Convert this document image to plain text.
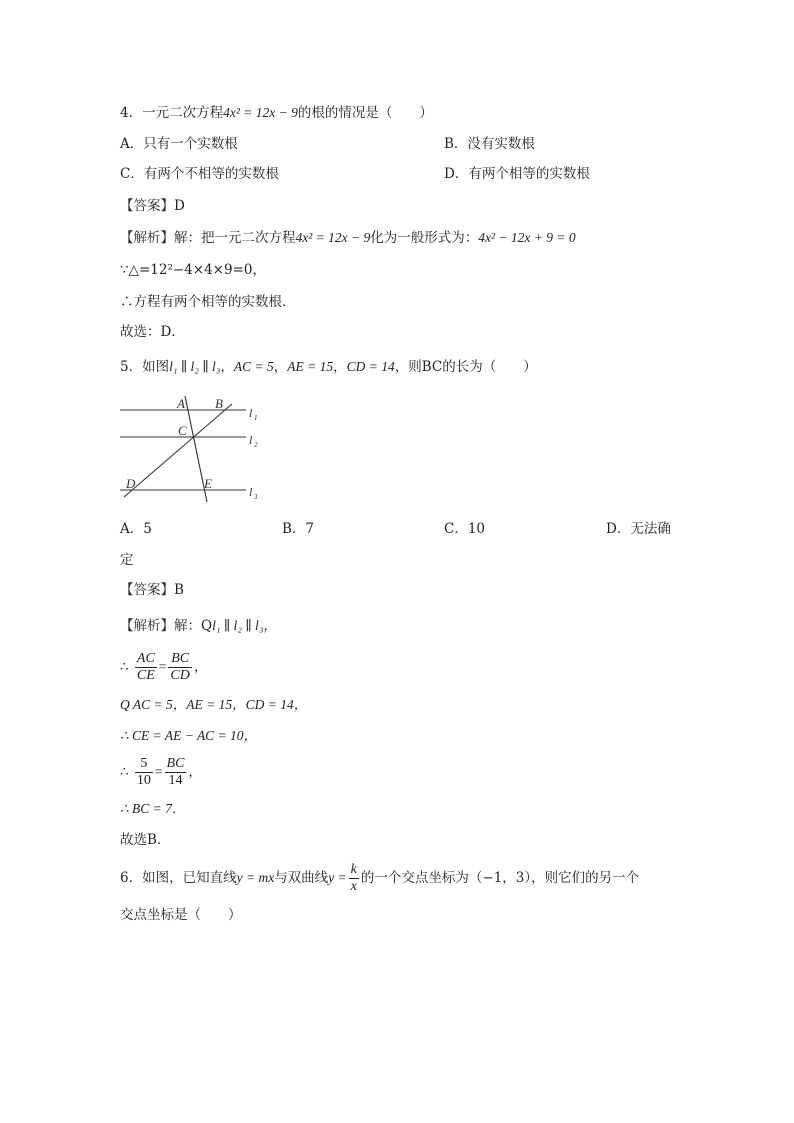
4．一元二次方程4x² = 12x − 9的根的情况是（　　）
A．只有一个实数根	B．没有实数根
C．有两个不相等的实数根	D．有两个相等的实数根
【答案】D
【解析】解：把一元二次方程4x² = 12x − 9化为一般形式为：4x² − 12x + 9 = 0
∵△=12²−4×4×9=0，
∴方程有两个相等的实数根．
故选：D．
5．如图l₁ ∥ l₂ ∥ l₃，AC = 5，AE = 15，CD = 14，则BC的长为（　　）
A B
C
D	E
l 1
l 2
l 3
A．5	B．7	C．10	D．无法确
定
【答案】B
【解析】解：Ql₁ ∥ l₂ ∥ l₃，
∴ $\frac{AC}{CE} = \frac{BC}{CD}$ ，
Q AC = 5，AE = 15，CD = 14，
∴ CE = AE − AC = 10，
∴ $\frac{5}{10} = \frac{BC}{14}$ ，
∴ BC = 7．
故选B．
6．如图，已知直线y = mx与双曲线$y = \frac{k}{x}$ 的一个交点坐标为（−1，3），则它们的另一个
交点坐标是（　　）
